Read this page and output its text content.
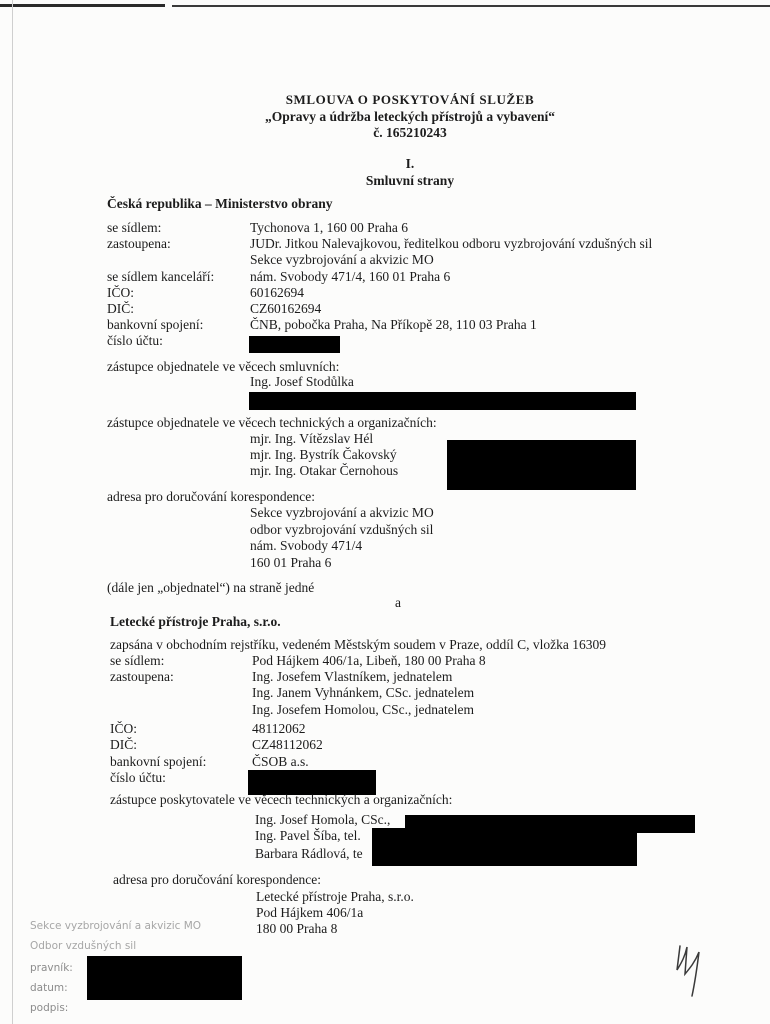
SMLOUVA O POSKYTOVÁNÍ SLUŽEB
„Opravy a údržba leteckých přístrojů a vybavení“
č. 165210243
I.
Smluvní strany
Česká republika – Ministerstvo obrany
se sídlem:	Tychonova 1, 160 00 Praha 6
zastoupena:	JUDr. Jitkou Nalevajkovou, ředitelkou odboru vyzbrojování vzdušných sil
Sekce vyzbrojování a akvizic MO
se sídlem kanceláří:	nám. Svobody 471/4, 160 01 Praha 6
IČO:	60162694
DIČ:	CZ60162694
bankovní spojení:	ČNB, pobočka Praha, Na Příkopě 28, 110 03 Praha 1
číslo účtu:
zástupce objednatele ve věcech smluvních:
Ing. Josef Stodůlka
zástupce objednatele ve věcech technických a organizačních:
mjr. Ing. Vítězslav Hél
mjr. Ing. Bystrík Čakovský
mjr. Ing. Otakar Černohous
adresa pro doručování korespondence:
Sekce vyzbrojování a akvizic MO
odbor vyzbrojování vzdušných sil
nám. Svobody 471/4
160 01 Praha 6
(dále jen „objednatel“) na straně jedné
a
Letecké přístroje Praha, s.r.o.
zapsána v obchodním rejstříku, vedeném Městským soudem v Praze, oddíl C, vložka 16309
se sídlem:	Pod Hájkem 406/1a, Libeň, 180 00 Praha 8
zastoupena:	Ing. Josefem Vlastníkem, jednatelem
Ing. Janem Vyhnánkem, CSc. jednatelem
Ing. Josefem Homolou, CSc., jednatelem
IČO:	48112062
DIČ:	CZ48112062
bankovní spojení:	ČSOB a.s.
číslo účtu:
zástupce poskytovatele ve věcech technických a organizačních:
Ing. Josef Homola, CSc.,
Ing. Pavel Šíba, tel.
Barbara Rádlová, te
adresa pro doručování korespondence:
Letecké přístroje Praha, s.r.o.
Pod Hájkem 406/1a
180 00 Praha 8
Sekce vyzbrojování a akvizic MO
Odbor vzdušných sil
pravník:
datum:
podpis:
